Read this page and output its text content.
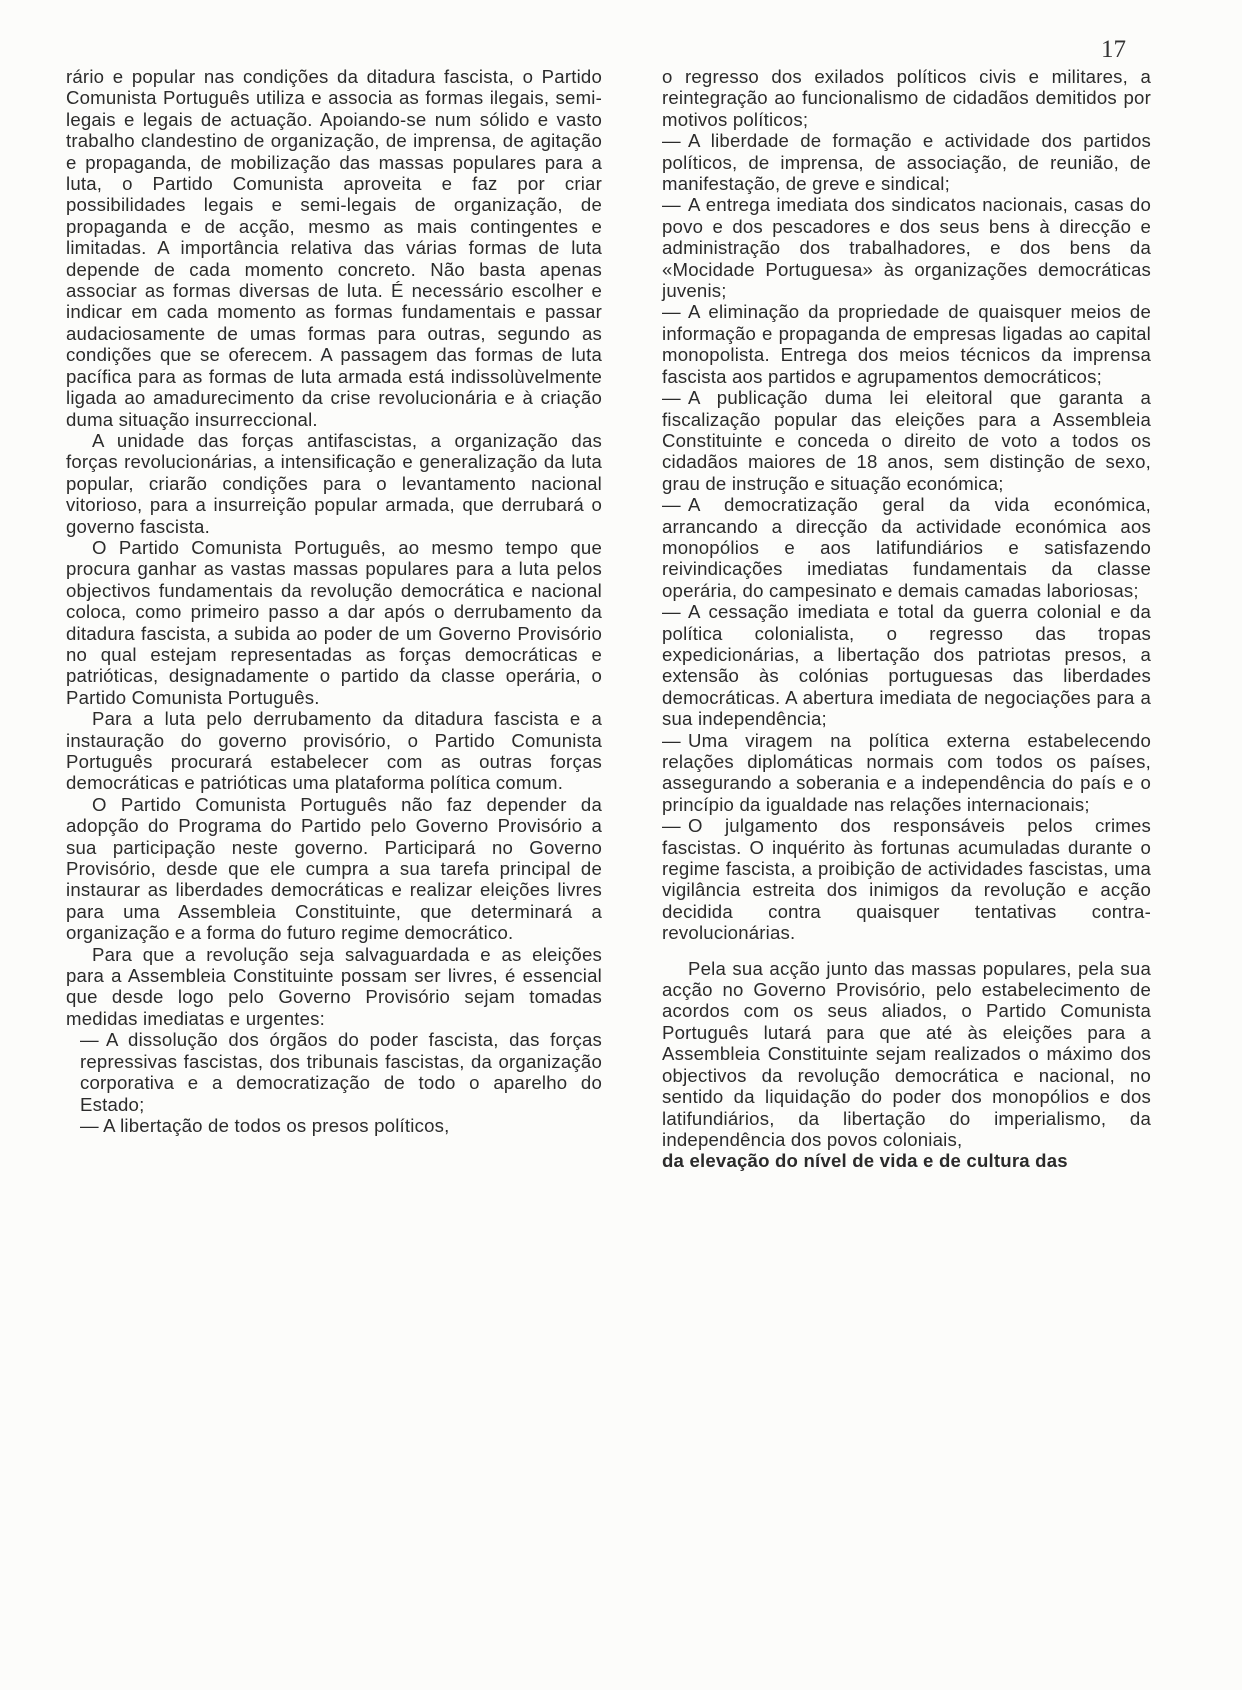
17

rário e popular nas condições da ditadura fascista, o Partido Comunista Português utiliza e associa as formas ilegais, semi-legais e legais de actuação. Apoiando-se num sólido e vasto trabalho clandestino de organização, de imprensa, de agitação e propaganda, de mobilização das massas populares para a luta, o Partido Comunista aproveita e faz por criar possibilidades legais e semi-legais de organização, de propaganda e de acção, mesmo as mais contingentes e limitadas. A importância relativa das várias formas de luta depende de cada momento concreto. Não basta apenas associar as formas diversas de luta. É necessário escolher e indicar em cada momento as formas fundamentais e passar audaciosamente de umas formas para outras, segundo as condições que se oferecem. A passagem das formas de luta pacífica para as formas de luta armada está indissolùvelmente ligada ao amadurecimento da crise revolucionária e à criação duma situação insurreccional.

A unidade das forças antifascistas, a organização das forças revolucionárias, a intensificação e generalização da luta popular, criarão condições para o levantamento nacional vitorioso, para a insurreição popular armada, que derrubará o governo fascista.

O Partido Comunista Português, ao mesmo tempo que procura ganhar as vastas massas populares para a luta pelos objectivos fundamentais da revolução democrática e nacional coloca, como primeiro passo a dar após o derrubamento da ditadura fascista, a subida ao poder de um Governo Provisório no qual estejam representadas as forças democráticas e patrióticas, designadamente o partido da classe operária, o Partido Comunista Português.

Para a luta pelo derrubamento da ditadura fascista e a instauração do governo provisório, o Partido Comunista Português procurará estabelecer com as outras forças democráticas e patrióticas uma plataforma política comum.

O Partido Comunista Português não faz depender da adopção do Programa do Partido pelo Governo Provisório a sua participação neste governo. Participará no Governo Provisório, desde que ele cumpra a sua tarefa principal de instaurar as liberdades democráticas e realizar eleições livres para uma Assembleia Constituinte, que determinará a organização e a forma do futuro regime democrático.

Para que a revolução seja salvaguardada e as eleições para a Assembleia Constituinte possam ser livres, é essencial que desde logo pelo Governo Provisório sejam tomadas medidas imediatas e urgentes:

— A dissolução dos órgãos do poder fascista, das forças repressivas fascistas, dos tribunais fascistas, da organização corporativa e a democratização de todo o aparelho do Estado;

— A libertação de todos os presos políticos,

o regresso dos exilados políticos civis e militares, a reintegração ao funcionalismo de cidadãos demitidos por motivos políticos;

— A liberdade de formação e actividade dos partidos políticos, de imprensa, de associação, de reunião, de manifestação, de greve e sindical;

— A entrega imediata dos sindicatos nacionais, casas do povo e dos pescadores e dos seus bens à direcção e administração dos trabalhadores, e dos bens da «Mocidade Portuguesa» às organizações democráticas juvenis;

— A eliminação da propriedade de quaisquer meios de informação e propaganda de empresas ligadas ao capital monopolista. Entrega dos meios técnicos da imprensa fascista aos partidos e agrupamentos democráticos;

— A publicação duma lei eleitoral que garanta a fiscalização popular das eleições para a Assembleia Constituinte e conceda o direito de voto a todos os cidadãos maiores de 18 anos, sem distinção de sexo, grau de instrução e situação económica;

— A democratização geral da vida económica, arrancando a direcção da actividade económica aos monopólios e aos latifundiários e satisfazendo reivindicações imediatas fundamentais da classe operária, do campesinato e demais camadas laboriosas;

— A cessação imediata e total da guerra colonial e da política colonialista, o regresso das tropas expedicionárias, a libertação dos patriotas presos, a extensão às colónias portuguesas das liberdades democráticas. A abertura imediata de negociações para a sua independência;

— Uma viragem na política externa estabelecendo relações diplomáticas normais com todos os países, assegurando a soberania e a independência do país e o princípio da igualdade nas relações internacionais;

— O julgamento dos responsáveis pelos crimes fascistas. O inquérito às fortunas acumuladas durante o regime fascista, a proibição de actividades fascistas, uma vigilância estreita dos inimigos da revolução e acção decidida contra quaisquer tentativas contra-revolucionárias.

Pela sua acção junto das massas populares, pela sua acção no Governo Provisório, pelo estabelecimento de acordos com os seus aliados, o Partido Comunista Português lutará para que até às eleições para a Assembleia Constituinte sejam realizados o máximo dos objectivos da revolução democrática e nacional, no sentido da liquidação do poder dos monopólios e dos latifundiários, da libertação do imperialismo, da independência dos povos coloniais,

da elevação do nível de vida e de cultura das
